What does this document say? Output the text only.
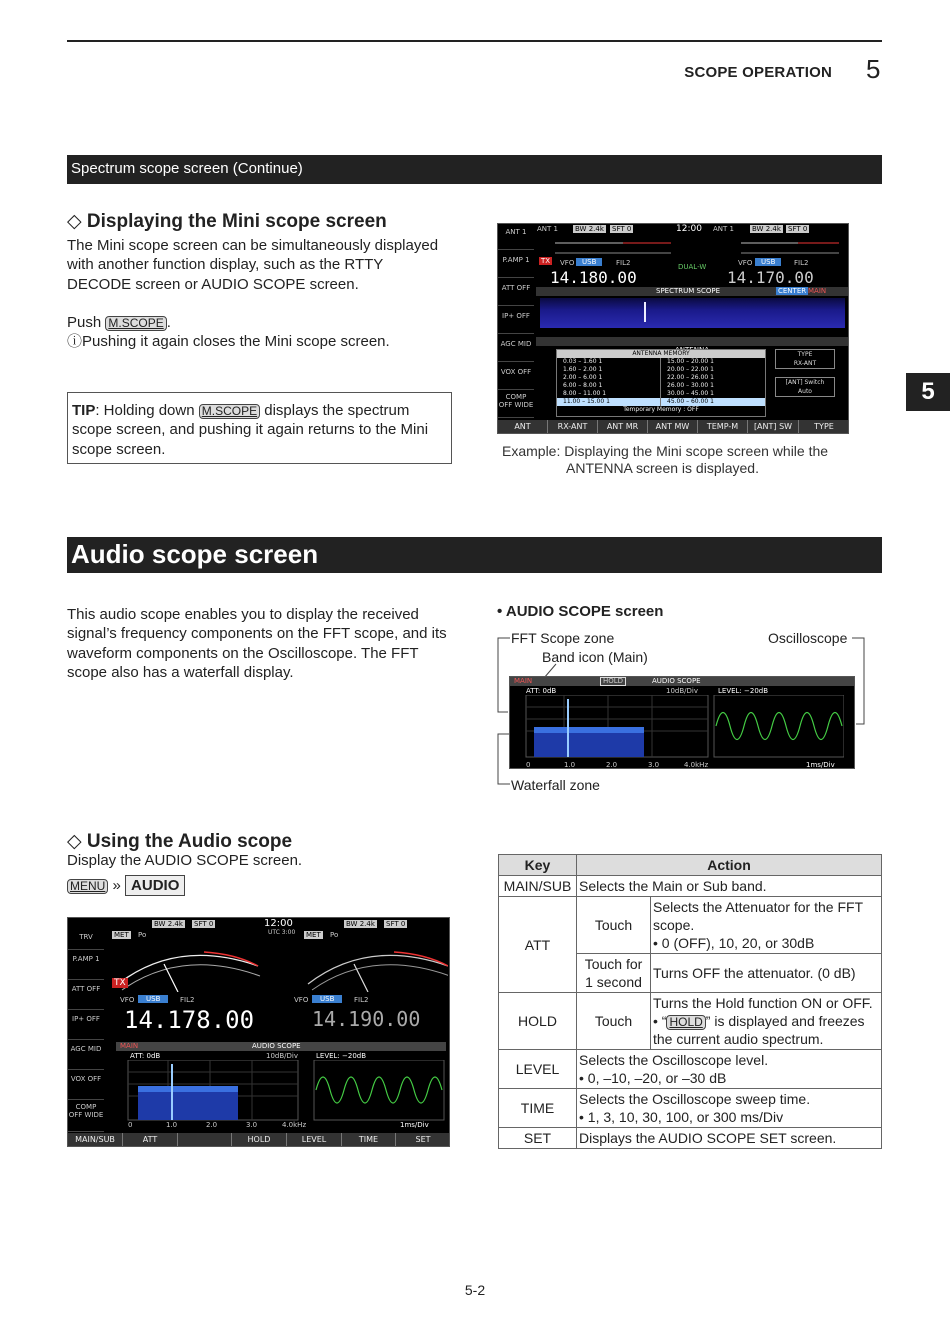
SCOPE OPERATION 5
5
Spectrum scope screen (Continue)
◇ Displaying the Mini scope screen
The Mini scope screen can be simultaneously displayed with another function display, such as the RTTY DECODE screen or AUDIO SCOPE screen.
Push M.SCOPE .
ⓘPushing it again closes the Mini scope screen.
TIP: Holding down M.SCOPE displays the spectrum scope screen, and pushing it again returns to the Mini scope screen.
ANT 1
P.AMP 1
ATT OFF
IP+ OFF
AGC MID
VOX OFF
COMP OFF WIDE
ANT 1 BW 2.4k SFT 0	12:00 ANT 1	BW 2.4k SFT 0
TX VFO	USB	FIL2	DUAL-W	VFO	USB	FIL2
14.180.00	14.170.00
SPECTRUM SCOPE	CENTER MAIN
ANTENNA MEMORY
0.03 – 1.60 1	15.00 – 20.00 1
1.60 – 2.00 1	20.00 – 22.00 1
2.00 – 6.00 1	22.00 – 26.00 1
6.00 – 8.00 1	26.00 – 30.00 1
8.00 – 11.00 1	30.00 – 45.00 1
11.00 – 15.00 1	45.00 – 60.00 1
Temporary Memory : OFF
TYPE
RX-ANT
[ANT] Switch
Auto
ANT	RX-ANT	ANT MR	ANT MW	TEMP-M	[ANT] SW	TYPE
Example: Displaying the Mini scope screen while the
ANTENNA screen is displayed.
Audio scope screen
This audio scope enables you to display the received signal’s frequency components on the FFT scope, and its waveform components on the Oscilloscope. The FFT scope also has a waterfall display.
• AUDIO SCOPE screen
FFT Scope zone
Band icon (Main)
Oscilloscope
Waterfall zone
MAIN	HOLD	AUDIO SCOPE
ATT: 0dB	10dB/Div	LEVEL: −20dB
0	1.0	2.0	3.0	4.0kHz	1ms/Div
◇ Using the Audio scope
Display the AUDIO SCOPE screen.
MENU » AUDIO
TRV
P.AMP 1
ATT OFF
IP+ OFF
AGC MID
VOX OFF
COMP OFF WIDE
BW 2.4k SFT 0	12:00
UTC 3:00
BW 2.4k SFT 0
MET Po	MET Po
TX
VFO	USB	FIL2	VFO	USB	FIL2
14.178.00	14.190.00
MAIN	AUDIO SCOPE
ATT: 0dB	10dB/Div	LEVEL: −20dB
0	1.0	2.0	3.0	4.0kHz	1ms/Div
MAIN/SUB	ATT	HOLD	LEVEL	TIME	SET
Key	Action	
MAIN/SUB	Selects the Main or Sub band.	
ATT	Touch	Selects the Attenuator for the FFT scope.
• 0 (OFF), 10, 20, or 30dB

	Touch for 1 second	Turns OFF the attenuator. (0 dB)
HOLD	Touch	Turns the Hold function ON or OFF.
• “ HOLD ” is displayed and freezes the current audio spectrum.

LEVEL	Selects the Oscilloscope level.
• 0, –10, –20, or –30 dB	

TIME	Selects the Oscilloscope sweep time.
• 1, 3, 10, 30, 100, or 300 ms/Div	

SET	Displays the AUDIO SCOPE SET screen.	
5-2
